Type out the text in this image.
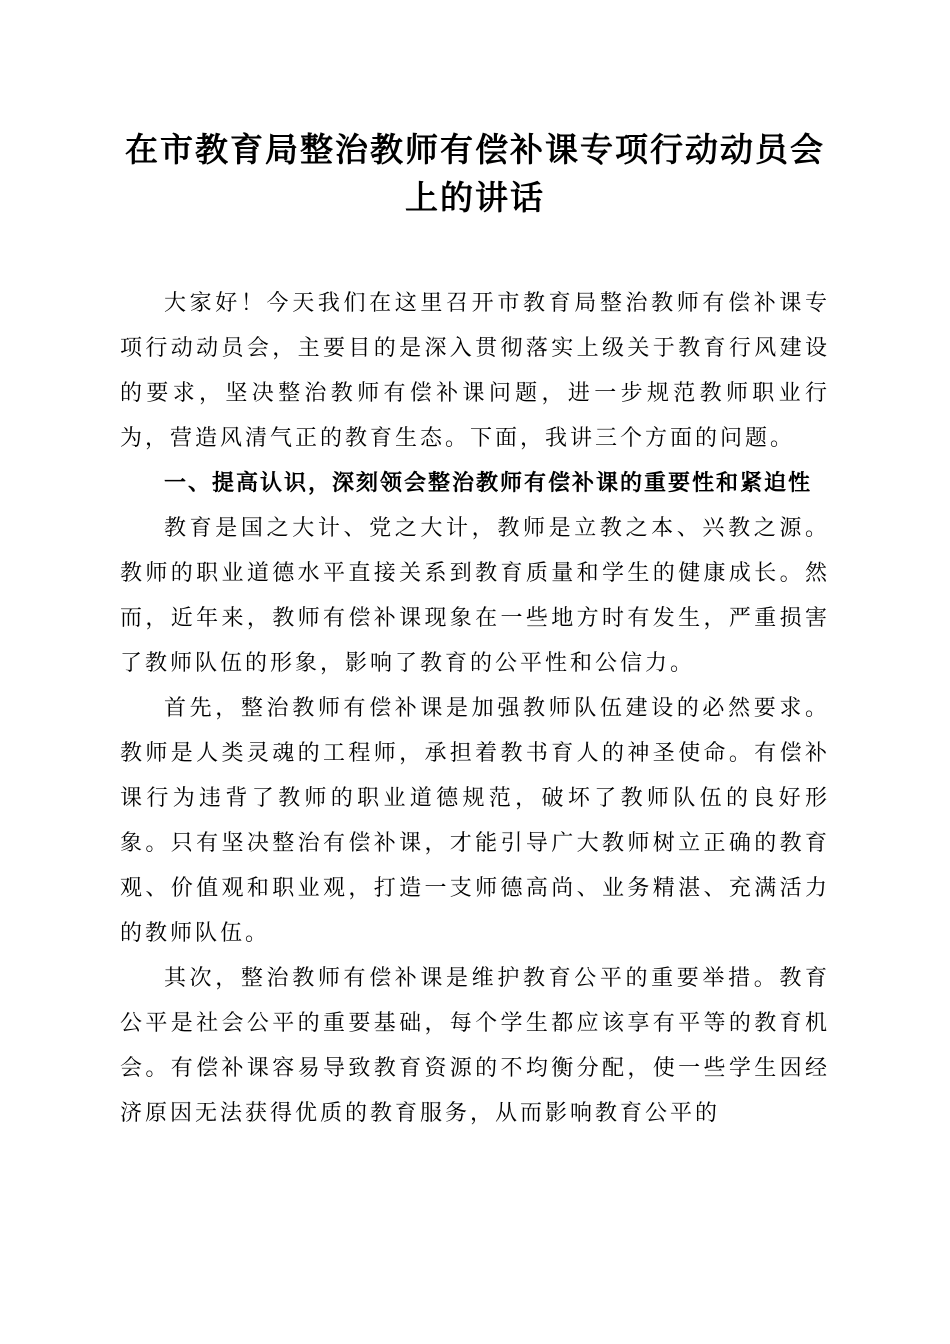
在市教育局整治教师有偿补课专项行动动员会上的讲话

大家好！今天我们在这里召开市教育局整治教师有偿补课专项行动动员会，主要目的是深入贯彻落实上级关于教育行风建设的要求，坚决整治教师有偿补课问题，进一步规范教师职业行为，营造风清气正的教育生态。下面，我讲三个方面的问题。

一、提高认识，深刻领会整治教师有偿补课的重要性和紧迫性

教育是国之大计、党之大计，教师是立教之本、兴教之源。教师的职业道德水平直接关系到教育质量和学生的健康成长。然而，近年来，教师有偿补课现象在一些地方时有发生，严重损害了教师队伍的形象，影响了教育的公平性和公信力。

首先，整治教师有偿补课是加强教师队伍建设的必然要求。教师是人类灵魂的工程师，承担着教书育人的神圣使命。有偿补课行为违背了教师的职业道德规范，破坏了教师队伍的良好形象。只有坚决整治有偿补课，才能引导广大教师树立正确的教育观、价值观和职业观，打造一支师德高尚、业务精湛、充满活力的教师队伍。

其次，整治教师有偿补课是维护教育公平的重要举措。教育公平是社会公平的重要基础，每个学生都应该享有平等的教育机会。有偿补课容易导致教育资源的不均衡分配，使一些学生因经济原因无法获得优质的教育服务，从而影响教育公平的
